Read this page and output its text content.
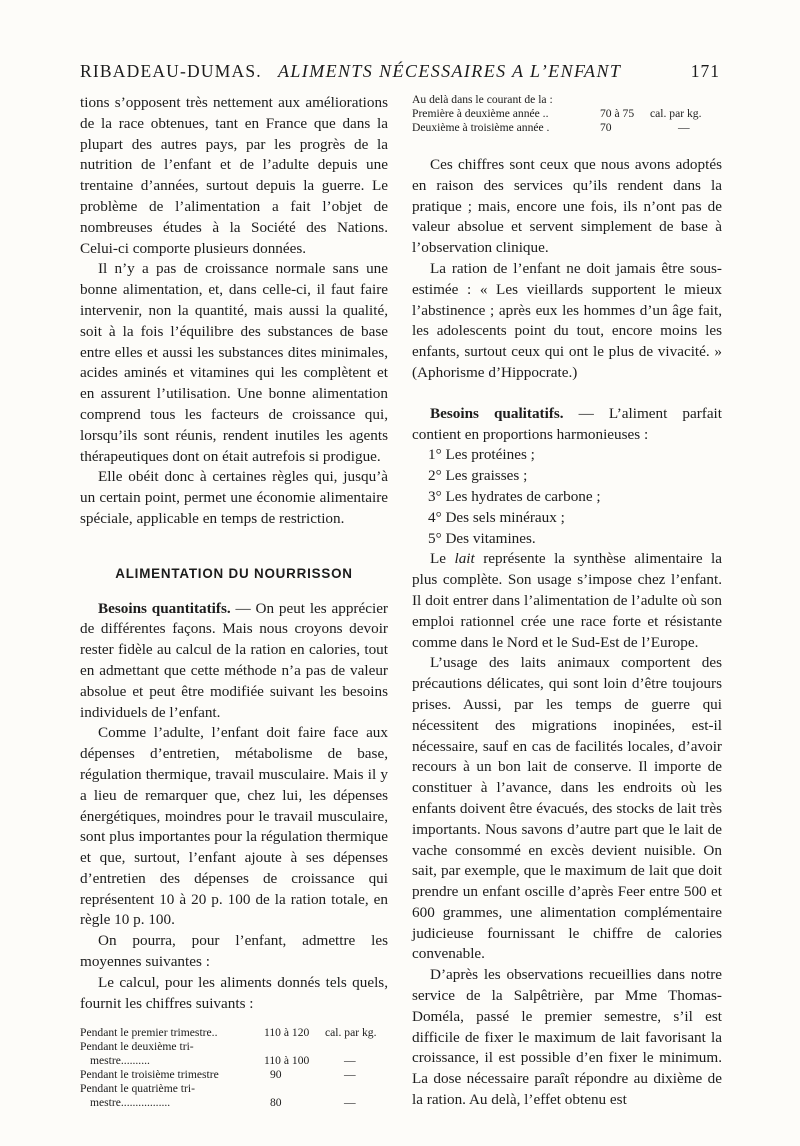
RIBADEAU-DUMAS. ALIMENTS NÉCESSAIRES A L’ENFANT	171

tions s’opposent très nettement aux améliorations de la race obtenues, tant en France que dans la plupart des autres pays, par les progrès de la nutrition de l’enfant et de l’adulte depuis une trentaine d’années, surtout depuis la guerre. Le problème de l’alimentation a fait l’objet de nombreuses études à la Société des Nations. Celui-ci comporte plusieurs données.

Il n’y a pas de croissance normale sans une bonne alimentation, et, dans celle-ci, il faut faire intervenir, non la quantité, mais aussi la qualité, soit à la fois l’équilibre des substances de base entre elles et aussi les substances dites minimales, acides aminés et vitamines qui les complètent et en assurent l’utilisation. Une bonne alimentation comprend tous les facteurs de croissance qui, lorsqu’ils sont réunis, rendent inutiles les agents thérapeutiques dont on était autrefois si prodigue.

Elle obéit donc à certaines règles qui, jusqu’à un certain point, permet une économie alimentaire spéciale, applicable en temps de restriction.

ALIMENTATION DU NOURRISSON

Besoins quantitatifs. — On peut les apprécier de différentes façons. Mais nous croyons devoir rester fidèle au calcul de la ration en calories, tout en admettant que cette méthode n’a pas de valeur absolue et peut être modifiée suivant les besoins individuels de l’enfant.

Comme l’adulte, l’enfant doit faire face aux dépenses d’entretien, métabolisme de base, régulation thermique, travail musculaire. Mais il y a lieu de remarquer que, chez lui, les dépenses énergétiques, moindres pour le travail musculaire, sont plus importantes pour la régulation thermique et que, surtout, l’enfant ajoute à ses dépenses d’entretien des dépenses de croissance qui représentent 10 à 20 p. 100 de la ration totale, en règle 10 p. 100.

On pourra, pour l’enfant, admettre les moyennes suivantes :

Le calcul, pour les aliments donnés tels quels, fournit les chiffres suivants :

Pendant le premier trimestre..	110 à 120 cal. par kg.
Pendant le deuxième tri-
mestre..........	110 à 100	—
Pendant le troisième trimestre	90	—
Pendant le quatrième tri-
mestre.................	80	—
Au delà dans le courant de la :
Première à deuxième année ..	70 à 75 cal. par kg.
Deuxième à troisième année .	70	—

Ces chiffres sont ceux que nous avons adoptés en raison des services qu’ils rendent dans la pratique ; mais, encore une fois, ils n’ont pas de valeur absolue et servent simplement de base à l’observation clinique.

La ration de l’enfant ne doit jamais être sous-estimée : « Les vieillards supportent le mieux l’abstinence ; après eux les hommes d’un âge fait, les adolescents point du tout, encore moins les enfants, surtout ceux qui ont le plus de vivacité. » (Aphorisme d’Hippocrate.)

Besoins qualitatifs. — L’aliment parfait contient en proportions harmonieuses :

1° Les protéines ;
2° Les graisses ;
3° Les hydrates de carbone ;
4° Des sels minéraux ;
5° Des vitamines.

Le lait représente la synthèse alimentaire la plus complète. Son usage s’impose chez l’enfant. Il doit entrer dans l’alimentation de l’adulte où son emploi rationnel crée une race forte et résistante comme dans le Nord et le Sud-Est de l’Europe.

L’usage des laits animaux comportent des précautions délicates, qui sont loin d’être toujours prises. Aussi, par les temps de guerre qui nécessitent des migrations inopinées, est-il nécessaire, sauf en cas de facilités locales, d’avoir recours à un bon lait de conserve. Il importe de constituer à l’avance, dans les endroits où les enfants doivent être évacués, des stocks de lait très importants. Nous savons d’autre part que le lait de vache consommé en excès devient nuisible. On sait, par exemple, que le maximum de lait que doit prendre un enfant oscille d’après Feer entre 500 et 600 grammes, une alimentation complémentaire judicieuse fournissant le chiffre de calories convenable.

D’après les observations recueillies dans notre service de la Salpêtrière, par Mme Thomas-Doméla, passé le premier semestre, s’il est difficile de fixer le maximum de lait favorisant la croissance, il est possible d’en fixer le minimum. La dose nécessaire paraît répondre au dixième de la ration. Au delà, l’effet obtenu est
